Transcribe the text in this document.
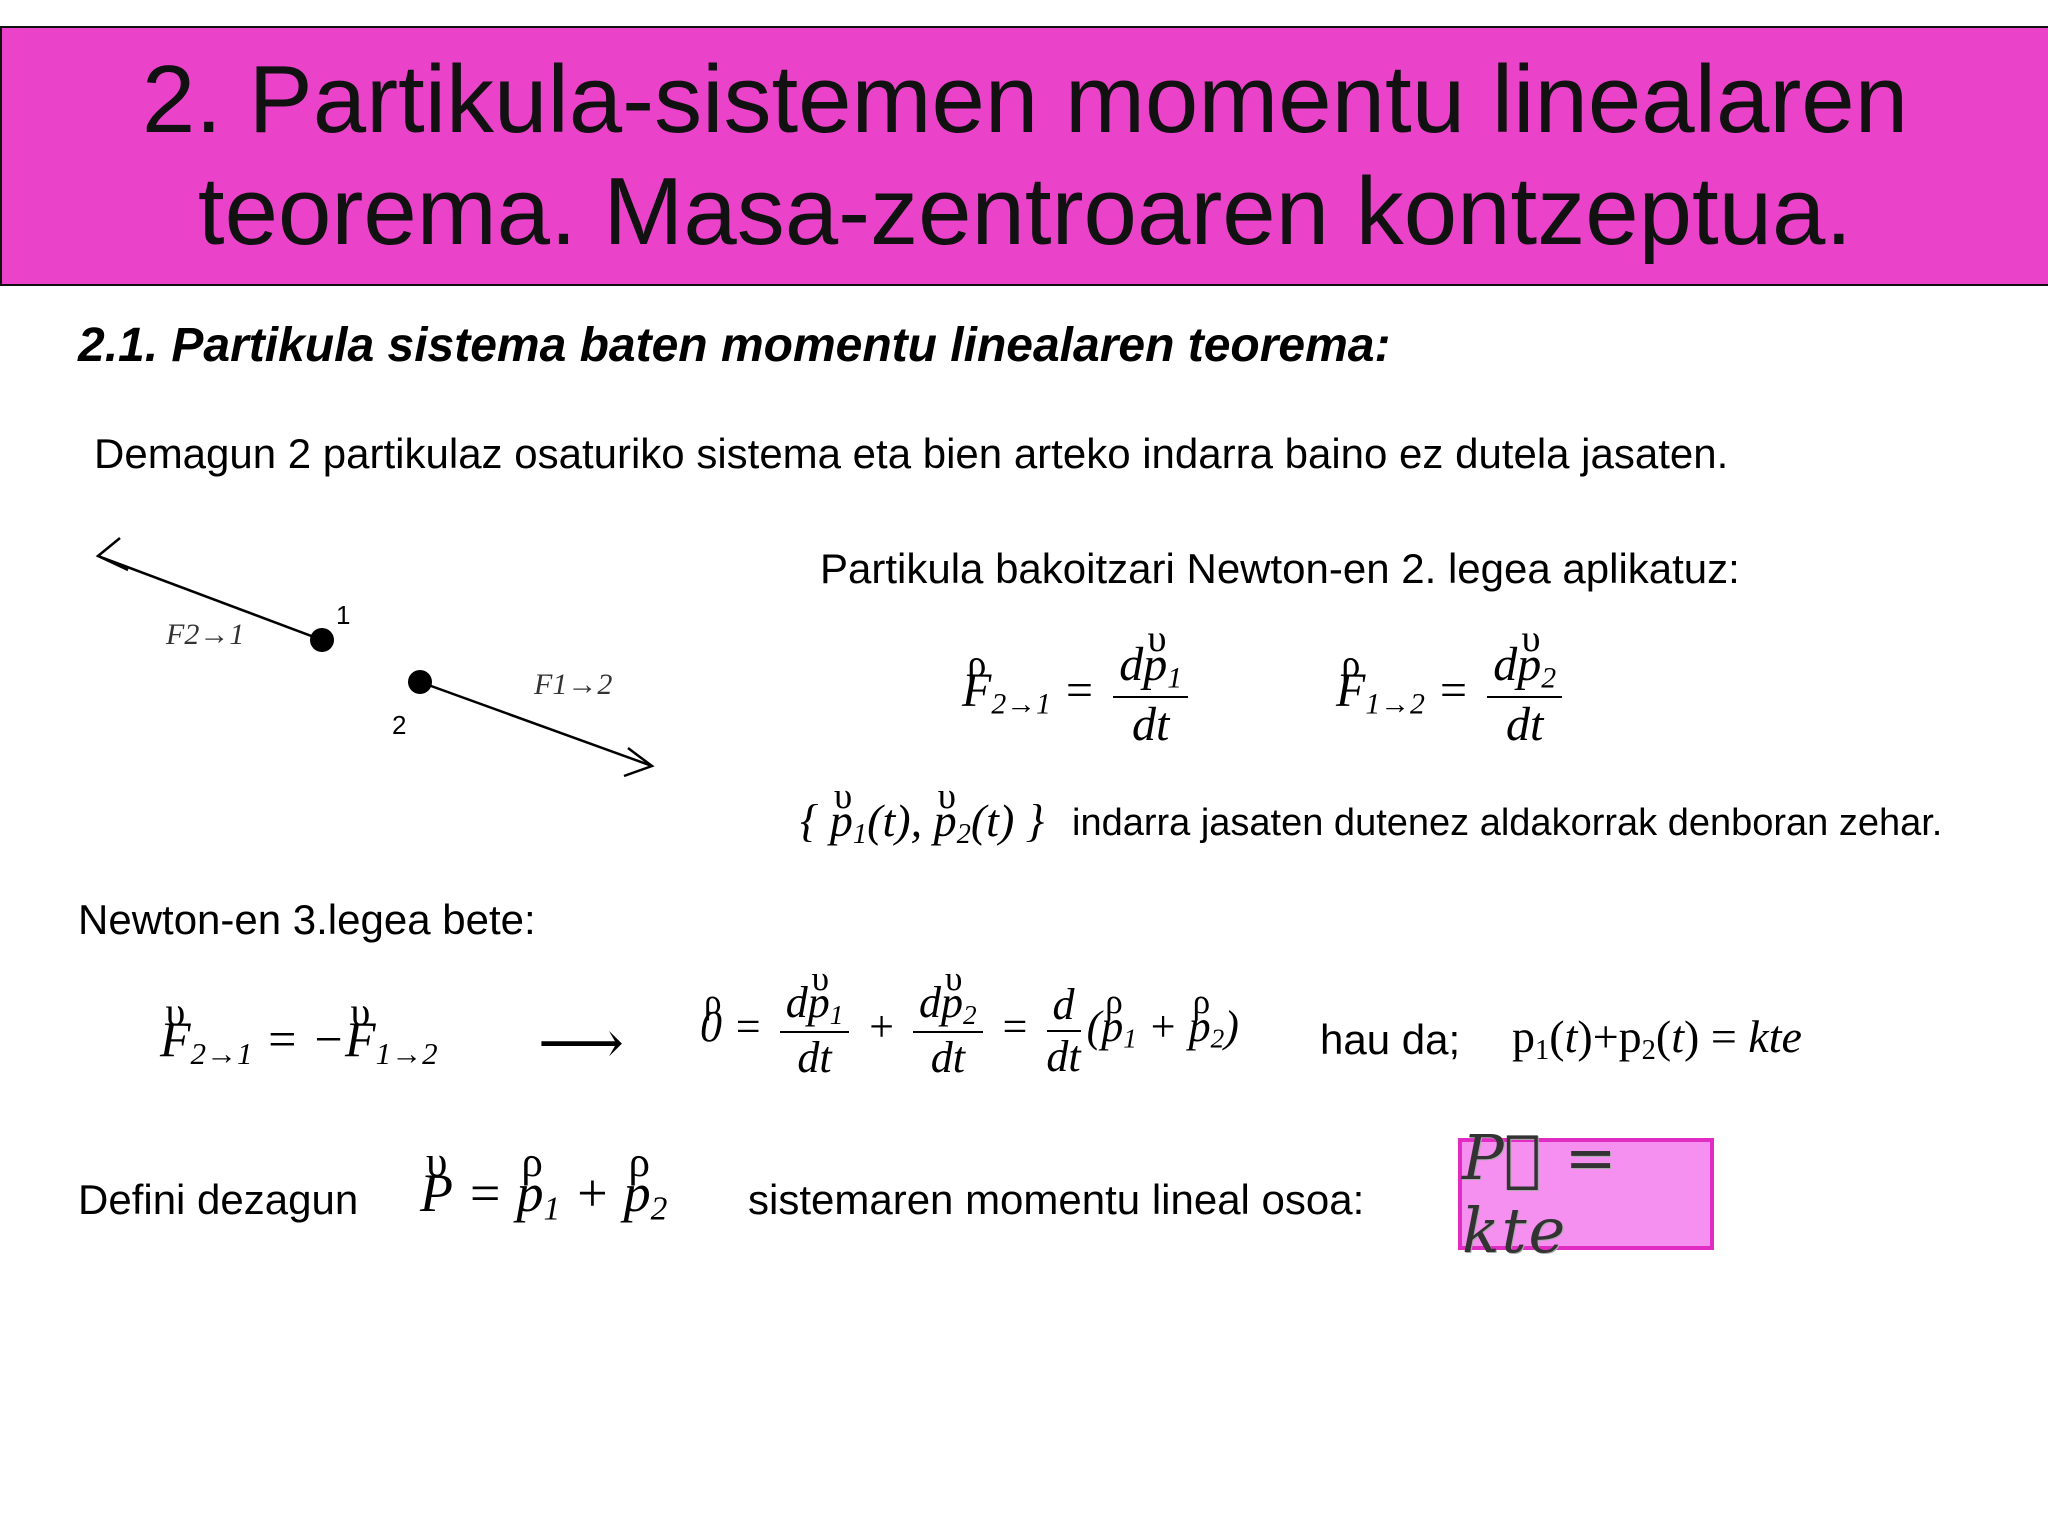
2. Partikula-sistemen momentu linealaren
teorema. Masa-zentroaren kontzeptua.
2.1. Partikula sistema baten momentu linealaren teorema:
Demagun 2 partikulaz osaturiko sistema eta bien arteko indarra baino ez dutela jasaten.
1
2
F2→1
F1→2
Partikula bakoitzari Newton-en 2. legea aplikatuz:
ρ $F_{2\to 1} = \frac{d\upsilon p_1}{dt}$	ρ $F_{1\to 2} = \frac{d\upsilon p_2}{dt}$
{ υ $p_1(t)$, υ $p_2(t)$ } indarra jasaten dutenez aldakorrak denboran zehar.
Newton-en 3.legea bete:
υ $F_{2\to 1} = -\upsilon$ $F_{1\to 2}$ ⟶ ρ $0 = \frac{d\upsilon p_1}{dt} + \frac{d\upsilon p_2}{dt} = \frac{d}{dt} (\rho$ $p_1 + \rho$ $p_2$) hau da; $p_1(t)+p_2(t)$ = kte
Defini dezagun υ P = ρ $p_1 + \rho$ $p_2$ sistemaren momentu lineal osoa:
P⃗ = kte
